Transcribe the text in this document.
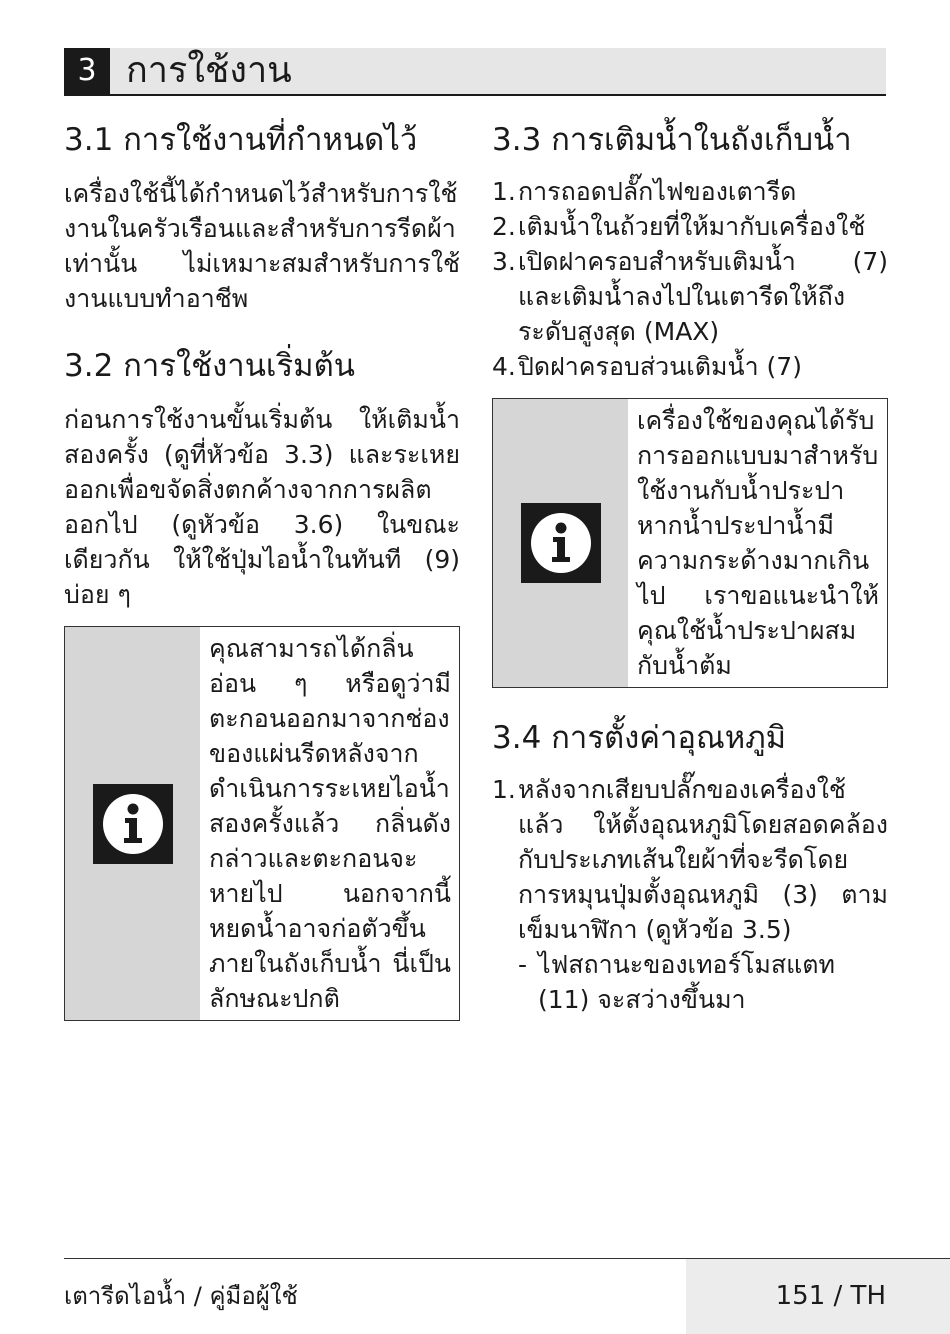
3 การใช้งาน
3.1 การใช้งานที่กำหนดไว้

เครื่องใช้นี้ได้กำหนดไว้สำหรับการใช้งานในครัวเรือนและสำหรับการรีดผ้าเท่านั้น ไม่เหมาะสมสำหรับการใช้งานแบบทำอาชีพ

3.2 การใช้งานเริ่มต้น

ก่อนการใช้งานขั้นเริ่มต้น ให้เติมน้ำสองครั้ง (ดูที่หัวข้อ 3.3) และระเหยออกเพื่อขจัดสิ่งตกค้างจากการผลิตออกไป (ดูหัวข้อ 3.6) ในขณะเดียวกัน ให้ใช้ปุ่มไอน้ำในทันที (9) บ่อย ๆ

คุณสามารถได้กลิ่นอ่อน ๆ หรือดูว่ามีตะกอนออกมาจากช่องของแผ่นรีดหลังจากดำเนินการระเหยไอน้ำสองครั้งแล้ว กลิ่นดังกล่าวและตะกอนจะหายไป นอกจากนี้ หยดน้ำอาจก่อตัวขึ้นภายในถังเก็บน้ำ นี่เป็นลักษณะปกติ
3.3 การเติมน้ำในถังเก็บน้ำ
1. การถอดปลั๊กไฟของเตารีด
2. เติมน้ำในถ้วยที่ให้มากับเครื่องใช้
3. เปิดฝาครอบสำหรับเติมน้ำ (7) และเติมน้ำลงไปในเตารีดให้ถึงระดับสูงสุด (MAX)
4. ปิดฝาครอบส่วนเติมน้ำ (7)
เครื่องใช้ของคุณได้รับการออกแบบมาสำหรับใช้งานกับน้ำประปา หากน้ำประปาน้ำมีความกระด้างมากเกินไป เราขอแนะนำให้คุณใช้น้ำประปาผสมกับน้ำต้ม
3.4 การตั้งค่าอุณหภูมิ
1. หลังจากเสียบปลั๊กของเครื่องใช้แล้ว ให้ตั้งอุณหภูมิโดยสอดคล้องกับประเภทเส้นใยผ้าที่จะรีดโดยการหมุนปุ่มตั้งอุณหภูมิ (3) ตามเข็มนาฬิกา (ดูหัวข้อ 3.5)
- ไฟสถานะของเทอร์โมสแตท (11) จะสว่างขึ้นมา
เตารีดไอน้ำ / คู่มือผู้ใช้	151 / TH
